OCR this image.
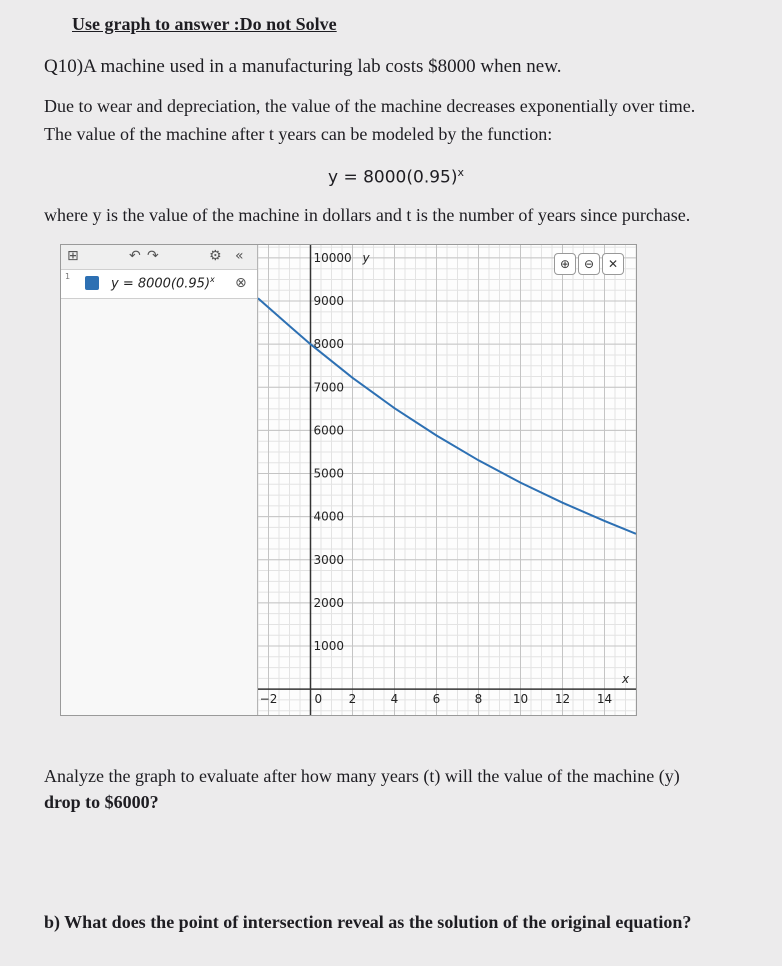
Use graph to answer :Do not Solve
Q10)A machine used in a manufacturing lab costs $8000 when new.
Due to wear and depreciation, the value of the machine decreases exponentially over time.
The value of the machine after t years can be modeled by the function:
$y = 8000(0.95)^x$
where y is the value of the machine in dollars and t is the number of years since purchase.
⊞	↶ ↷	⚙ «
1	$y = 8000(0.95)^x$ ⊗
−2	2	4	6	8	10 12 14
0
1000
2000
3000
4000
5000
6000
7000
8000
9000
10000
x
y	⊕	⊖	✕
Analyze the graph to evaluate after how many years (t) will the value of the machine (y)
drop to $6000?
b) What does the point of intersection reveal as the solution of the original equation?
